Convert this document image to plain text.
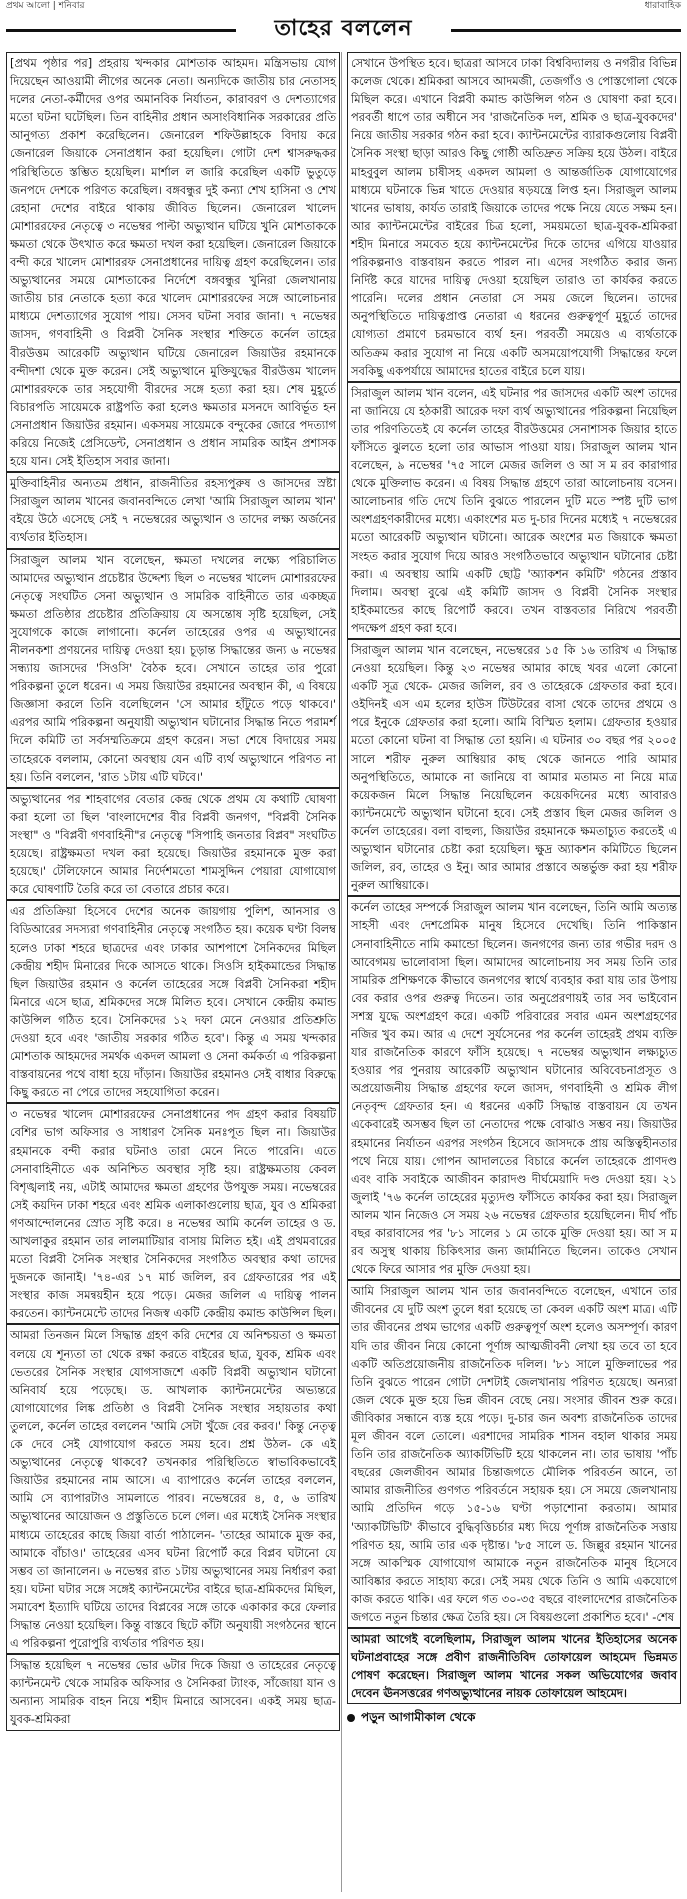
প্রথম আলো | শনিবার	ধারাবাহিক
তাহের বললেন

[প্রথম পৃষ্ঠার পর] প্রহরায় খন্দকার মোশতাক আহমদ। মন্ত্রিসভায় যোগ দিয়েছেন আওয়ামী লীগের অনেক নেতা। অন্যদিকে জাতীয় চার নেতাসহ দলের নেতা-কর্মীদের ওপর অমানবিক নির্যাতন, কারাবরণ ও দেশত্যাগের মতো ঘটনা ঘটেছিল। তিন বাহিনীর প্রধান অসাংবিধানিক সরকারের প্রতি আনুগত্য প্রকাশ করেছিলেন। জেনারেল শফিউল্লাহকে বিদায় করে জেনারেল জিয়াকে সেনাপ্রধান করা হয়েছিল। গোটা দেশ শ্বাসরুদ্ধকর পরিস্থিতিতে স্তম্ভিত হয়েছিল। মার্শাল ল জারি করেছিল একটি ভুতুড়ে জনপদে দেশকে পরিণত করেছিল। বঙ্গবন্ধুর দুই কন্যা শেখ হাসিনা ও শেখ রেহানা দেশের বাইরে থাকায় জীবিত ছিলেন। জেনারেল খালেদ মোশাররফের নেতৃত্বে ৩ নভেম্বর পাল্টা অভ্যুত্থান ঘটিয়ে খুনি মোশতাককে ক্ষমতা থেকে উৎখাত করে ক্ষমতা দখল করা হয়েছিল। জেনারেল জিয়াকে বন্দী করে খালেদ মোশাররফ সেনাপ্রধানের দায়িত্ব গ্রহণ করেছিলেন। তার অভ্যুত্থানের সময়ে মোশতাকের নির্দেশে বঙ্গবন্ধুর খুনিরা জেলখানায় জাতীয় চার নেতাকে হত্যা করে খালেদ মোশাররফের সঙ্গে আলোচনার মাধ্যমে দেশত্যাগের সুযোগ পায়। সেসব ঘটনা সবার জানা। ৭ নভেম্বর জাসদ, গণবাহিনী ও বিপ্লবী সৈনিক সংস্থার শক্তিতে কর্নেল তাহের বীরউত্তম আরেকটি অভ্যুত্থান ঘটিয়ে জেনারেল জিয়াউর রহমানকে বন্দীদশা থেকে মুক্ত করেন। সেই অভ্যুত্থানে মুক্তিযুদ্ধের বীরউত্তম খালেদ মোশাররফকে তার সহযোগী বীরদের সঙ্গে হত্যা করা হয়। শেষ মুহূর্তে বিচারপতি সায়েমকে রাষ্ট্রপতি করা হলেও ক্ষমতার মসনদে আবির্ভূত হন সেনাপ্রধান জিয়াউর রহমান। একসময় সায়েমকে বন্দুকের জোরে পদত্যাগ করিয়ে নিজেই প্রেসিডেন্ট, সেনাপ্রধান ও প্রধান সামরিক আইন প্রশাসক হয়ে যান। সেই ইতিহাস সবার জানা।

মুক্তিবাহিনীর অন্যতম প্রধান, রাজনীতির রহস্যপুরুষ ও জাসদের স্রষ্টা সিরাজুল আলম খানের জবানবন্দিতে লেখা 'আমি সিরাজুল আলম খান' বইয়ে উঠে এসেছে সেই ৭ নভেম্বরের অভ্যুত্থান ও তাদের লক্ষ্য অর্জনের ব্যর্থতার ইতিহাস।

সিরাজুল আলম খান বলেছেন, ক্ষমতা দখলের লক্ষ্যে পরিচালিত আমাদের অভ্যুত্থান প্রচেষ্টার উদ্দেশ্য ছিল ৩ নভেম্বর খালেদ মোশাররফের নেতৃত্বে সংঘটিত সেনা অভ্যুত্থান ও সামরিক বাহিনীতে তার একচ্ছত্র ক্ষমতা প্রতিষ্ঠার প্রচেষ্টার প্রতিক্রিয়ায় যে অসন্তোষ সৃষ্টি হয়েছিল, সেই সুযোগকে কাজে লাগানো। কর্নেল তাহেরের ওপর এ অভ্যুত্থানের নীলনকশা প্রণয়নের দায়িত্ব দেওয়া হয়। চূড়ান্ত সিদ্ধান্তের জন্য ৬ নভেম্বর সন্ধ্যায় জাসদের 'সিওসি' বৈঠক হবে। সেখানে তাহের তার পুরো পরিকল্পনা তুলে ধরেন। এ সময় জিয়াউর রহমানের অবস্থান কী, এ বিষয়ে জিজ্ঞাসা করলে তিনি বলেছিলেন 'সে আমার হাঁটুতে পড়ে থাকবে।' এরপর আমি পরিকল্পনা অনুযায়ী অভ্যুত্থান ঘটানোর সিদ্ধান্ত নিতে পরামর্শ দিলে কমিটি তা সর্বসম্মতিক্রমে গ্রহণ করেন। সভা শেষে বিদায়ের সময় তাহেরকে বললাম, কোনো অবস্থায় যেন এটি ব্যর্থ অভ্যুত্থানে পরিণত না হয়। তিনি বললেন, 'রাত ১টায় এটি ঘটবে।'

অভ্যুত্থানের পর শাহবাগের বেতার কেন্দ্র থেকে প্রথম যে কথাটি ঘোষণা করা হলো তা ছিল 'বাংলাদেশের বীর বিপ্লবী জনগণ, "বিপ্লবী সৈনিক সংস্থা" ও "বিপ্লবী গণবাহিনী"র নেতৃত্বে "সিপাহি জনতার বিপ্লব" সংঘটিত হয়েছে। রাষ্ট্রক্ষমতা দখল করা হয়েছে। জিয়াউর রহমানকে মুক্ত করা হয়েছে।' টেলিফোনে আমার নির্দেশমতো শামসুদ্দিন পেয়ারা যোগাযোগ করে ঘোষণাটি তৈরি করে তা বেতারে প্রচার করে।

এর প্রতিক্রিয়া হিসেবে দেশের অনেক জায়গায় পুলিশ, আনসার ও বিডিআরের সদস্যরা গণবাহিনীর নেতৃত্বে সংগঠিত হয়। কয়েক ঘণ্টা বিলম্ব হলেও ঢাকা শহরে ছাত্রদের এবং ঢাকার আশপাশে সৈনিকদের মিছিল কেন্দ্রীয় শহীদ মিনারের দিকে আসতে থাকে। সিওসি হাইকমান্ডের সিদ্ধান্ত ছিল জিয়াউর রহমান ও কর্নেল তাহেরের সঙ্গে বিপ্লবী সৈনিকরা শহীদ মিনারে এসে ছাত্র, শ্রমিকদের সঙ্গে মিলিত হবে। সেখানে কেন্দ্রীয় কমান্ড কাউন্সিল গঠিত হবে। সৈনিকদের ১২ দফা মেনে নেওয়ার প্রতিশ্রুতি দেওয়া হবে এবং 'জাতীয় সরকার গঠিত হবে'। কিন্তু এ সময় খন্দকার মোশতাক আহমদের সমর্থক একদল আমলা ও সেনা কর্মকর্তা এ পরিকল্পনা বাস্তবায়নের পথে বাধা হয়ে দাঁড়ান। জিয়াউর রহমানও সেই বাধার বিরুদ্ধে কিছু করতে না পেরে তাদের সহযোগিতা করেন।

৩ নভেম্বর খালেদ মোশাররফের সেনাপ্রধানের পদ গ্রহণ করার বিষয়টি বেশির ভাগ অফিসার ও সাধারণ সৈনিক মনঃপূত ছিল না। জিয়াউর রহমানকে বন্দী করার ঘটনাও তারা মেনে নিতে পারেনি। এতে সেনাবাহিনীতে এক অনিশ্চিত অবস্থার সৃষ্টি হয়। রাষ্ট্রক্ষমতায় কেবল বিশৃঙ্খলাই নয়, এটাই আমাদের ক্ষমতা গ্রহণের উপযুক্ত সময়। নভেম্বরের সেই কয়দিন ঢাকা শহরে এবং শ্রমিক এলাকাগুলোয় ছাত্র, যুব ও শ্রমিকরা গণআন্দোলনের স্রোত সৃষ্টি করে। ৪ নভেম্বর আমি কর্নেল তাহের ও ড. আখলাকুর রহমান তার লালমাটিয়ার বাসায় মিলিত হই। এই প্রথমবারের মতো বিপ্লবী সৈনিক সংস্থার সৈনিকদের সংগঠিত অবস্থার কথা তাদের দুজনকে জানাই। '৭৪-এর ১৭ মার্চ জলিল, রব গ্রেফতারের পর এই সংস্থার কাজ সমন্বয়হীন হয়ে পড়ে। মেজর জলিল এ দায়িত্ব পালন করতেন। ক্যান্টনমেন্টে তাদের নিজস্ব একটি কেন্দ্রীয় কমান্ড কাউন্সিল ছিল।

আমরা তিনজন মিলে সিদ্ধান্ত গ্রহণ করি দেশের যে অনিশ্চয়তা ও ক্ষমতা বলয়ে যে শূন্যতা তা থেকে রক্ষা করতে বাইরের ছাত্র, যুবক, শ্রমিক এবং ভেতরের সৈনিক সংস্থার যোগসাজশে একটি বিপ্লবী অভ্যুত্থান ঘটানো অনিবার্য হয়ে পড়েছে। ড. আখলাক ক্যান্টনমেন্টের অভ্যন্তরে যোগাযোগের লিঙ্ক প্রতিষ্ঠা ও বিপ্লবী সৈনিক সংস্থার সহায়তার কথা তুললে, কর্নেল তাহের বললেন 'আমি সেটা খুঁজে বের করব।' কিন্তু নেতৃত্ব কে দেবে সেই যোগাযোগ করতে সময় হবে। প্রশ্ন উঠল- কে এই অভ্যুত্থানের নেতৃত্বে থাকবে? তখনকার পরিস্থিতিতে স্বাভাবিকভাবেই জিয়াউর রহমানের নাম আসে। এ ব্যাপারেও কর্নেল তাহের বললেন, আমি সে ব্যাপারটাও সামলাতে পারব। নভেম্বরের ৪, ৫, ৬ তারিখ অভ্যুত্থানের আয়োজন ও প্রস্তুতিতে চলে গেল। এর মধ্যেই সৈনিক সংস্থার মাধ্যমে তাহেরের কাছে জিয়া বার্তা পাঠালেন- 'তাহের আমাকে মুক্ত কর, আমাকে বাঁচাও।' তাহেরের এসব ঘটনা রিপোর্ট করে বিপ্লব ঘটানো যে সম্ভব তা জানালেন। ৬ নভেম্বর রাত ১টায় অভ্যুত্থানের সময় নির্ধারণ করা হয়। ঘটনা ঘটার সঙ্গে সঙ্গেই ক্যান্টনমেন্টের বাইরে ছাত্র-শ্রমিকদের মিছিল, সমাবেশ ইত্যাদি ঘটিয়ে তাদের বিপ্লবের সঙ্গে তাকে একাকার করে ফেলার সিদ্ধান্ত নেওয়া হয়েছিল। কিন্তু বাস্তবে ছিটে কাঁটা অনুযায়ী সংগঠনের স্থানে এ পরিকল্পনা পুরোপুরি ব্যর্থতার পরিণত হয়।

সিদ্ধান্ত হয়েছিল ৭ নভেম্বর ভোর ৬টার দিকে জিয়া ও তাহেরের নেতৃত্বে ক্যান্টনমেন্ট থেকে সামরিক অফিসার ও সৈনিকরা ট্যাংক, সাঁজোয়া যান ও অন্যান্য সামরিক বাহন নিয়ে শহীদ মিনারে আসবেন। একই সময় ছাত্র-যুবক-শ্রমিকরা

সেখানে উপস্থিত হবে। ছাত্ররা আসবে ঢাকা বিশ্ববিদ্যালয় ও নগরীর বিভিন্ন কলেজ থেকে। শ্রমিকরা আসবে আদমজী, তেজগাঁও ও পোস্তগোলা থেকে মিছিল করে। এখানে বিপ্লবী কমান্ড কাউন্সিল গঠন ও ঘোষণা করা হবে। পরবর্তী ধাপে তার অধীনে সব 'রাজনৈতিক দল, শ্রমিক ও ছাত্র-যুবকদের' নিয়ে জাতীয় সরকার গঠন করা হবে। ক্যান্টনমেন্টের ব্যারাকগুলোয় বিপ্লবী সৈনিক সংস্থা ছাড়া আরও কিছু গোষ্ঠী অতিদ্রুত সক্রিয় হয়ে উঠল। বাইরে মাহবুবুল আলম চাষীসহ একদল আমলা ও আন্তর্জাতিক যোগাযোগের মাধ্যমে ঘটনাকে ভিন্ন খাতে দেওয়ার ষড়যন্ত্রে লিপ্ত হন। সিরাজুল আলম খানের ভাষায়, কার্যত তারাই জিয়াকে তাদের পক্ষে নিয়ে যেতে সক্ষম হন। আর ক্যান্টনমেন্টের বাইরের চিত্র হলো, সময়মতো ছাত্র-যুবক-শ্রমিকরা শহীদ মিনারে সমবেত হয়ে ক্যান্টনমেন্টের দিকে তাদের এগিয়ে যাওয়ার পরিকল্পনাও বাস্তবায়ন করতে পারল না। এদের সংগঠিত করার জন্য নির্দিষ্ট করে যাদের দায়িত্ব দেওয়া হয়েছিল তারাও তা কার্যকর করতে পারেনি। দলের প্রধান নেতারা সে সময় জেলে ছিলেন। তাদের অনুপস্থিতিতে দায়িত্বপ্রাপ্ত নেতারা এ ধরনের গুরুত্বপূর্ণ মুহূর্তে তাদের যোগ্যতা প্রমাণে চরমভাবে ব্যর্থ হন। পরবর্তী সময়েও এ ব্যর্থতাকে অতিক্রম করার সুযোগ না নিয়ে একটি অসময়োপযোগী সিদ্ধান্তের ফলে সবকিছু একপর্যায়ে আমাদের হাতের বাইরে চলে যায়।

সিরাজুল আলম খান বলেন, এই ঘটনার পর জাসদের একটি অংশ তাদের না জানিয়ে যে হঠকারী আরেক দফা ব্যর্থ অভ্যুত্থানের পরিকল্পনা নিয়েছিল তার পরিণতিতেই যে কর্নেল তাহের বীরউত্তমের সেনাশাসক জিয়ার হাতে ফাঁসিতে ঝুলতে হলো তার আভাস পাওয়া যায়। সিরাজুল আলম খান বলেছেন, ৯ নভেম্বর '৭৫ সালে মেজর জলিল ও আ স ম রব কারাগার থেকে মুক্তিলাভ করেন। এ বিষয় সিদ্ধান্ত গ্রহণে তারা আলোচনায় বসেন। আলোচনার গতি দেখে তিনি বুঝতে পারলেন দুটি মতে স্পষ্ট দুটি ভাগ অংশগ্রহণকারীদের মধ্যে। একাংশের মত দু-চার দিনের মধ্যেই ৭ নভেম্বরের মতো আরেকটি অভ্যুত্থান ঘটানো। আরেক অংশের মত জিয়াকে ক্ষমতা সংহত করার সুযোগ দিয়ে আরও সংগঠিতভাবে অভ্যুত্থান ঘটানোর চেষ্টা করা। এ অবস্থায় আমি একটি ছোট্ট 'অ্যাকশন কমিটি' গঠনের প্রস্তাব দিলাম। অবস্থা বুঝে এই কমিটি জাসদ ও বিপ্লবী সৈনিক সংস্থার হাইকমান্ডের কাছে রিপোর্ট করবে। তখন বাস্তবতার নিরিখে পরবর্তী পদক্ষেপ গ্রহণ করা হবে।

সিরাজুল আলম খান বলেছেন, নভেম্বরের ১৫ কি ১৬ তারিখ এ সিদ্ধান্ত নেওয়া হয়েছিল। কিন্তু ২৩ নভেম্বর আমার কাছে খবর এলো কোনো একটি সূত্র থেকে- মেজর জলিল, রব ও তাহেরকে গ্রেফতার করা হবে। ওইদিনই এস এম হলের হাউস টিউটরের বাসা থেকে তাদের প্রথমে ও পরে ইনুকে গ্রেফতার করা হলো। আমি বিস্মিত হলাম। গ্রেফতার হওয়ার মতো কোনো ঘটনা বা সিদ্ধান্ত তো হয়নি। এ ঘটনার ৩০ বছর পর ২০০৫ সালে শরীফ নুরুল আম্বিয়ার কাছ থেকে জানতে পারি আমার অনুপস্থিতিতে, আমাকে না জানিয়ে বা আমার মতামত না নিয়ে মাত্র কয়েকজন মিলে সিদ্ধান্ত নিয়েছিলেন কয়েকদিনের মধ্যে আবারও ক্যান্টনমেন্টে অভ্যুত্থান ঘটানো হবে। সেই প্রস্তাব ছিল মেজর জলিল ও কর্নেল তাহেরের। বলা বাহুল্য, জিয়াউর রহমানকে ক্ষমতাচ্যুত করতেই এ অভ্যুত্থান ঘটানোর চেষ্টা করা হয়েছিল। ক্ষুদ্র অ্যাকশন কমিটিতে ছিলেন জলিল, রব, তাহের ও ইনু। আর আমার প্রস্তাবে অন্তর্ভুক্ত করা হয় শরীফ নুরুল আম্বিয়াকে।

কর্নেল তাহের সম্পর্কে সিরাজুল আলম খান বলেছেন, তিনি আমি অত্যন্ত সাহসী এবং দেশপ্রেমিক মানুষ হিসেবে দেখেছি। তিনি পাকিস্তান সেনাবাহিনীতে নামি কমান্ডো ছিলেন। জনগণের জন্য তার গভীর দরদ ও আবেগময় ভালোবাসা ছিল। আমাদের আলোচনায় সব সময় তিনি তার সামরিক প্রশিক্ষণকে কীভাবে জনগণের স্বার্থে ব্যবহার করা যায় তার উপায় বের করার ওপর গুরুত্ব দিতেন। তার অনুপ্রেরণায়ই তার সব ভাইবোন সশস্ত্র যুদ্ধে অংশগ্রহণ করে। একটি পরিবারের সবার এমন অংশগ্রহণের নজির খুব কম। আর এ দেশে সুর্যসেনের পর কর্নেল তাহেরই প্রথম ব্যক্তি যার রাজনৈতিক কারণে ফাঁসি হয়েছে। ৭ নভেম্বর অভ্যুত্থান লক্ষ্যচ্যুত হওয়ার পর পুনরায় আরেকটি অভ্যুত্থান ঘটানোর অবিবেচনাপ্রসূত ও অপ্রয়োজনীয় সিদ্ধান্ত গ্রহণের ফলে জাসদ, গণবাহিনী ও শ্রমিক লীগ নেতৃবৃন্দ গ্রেফতার হন। এ ধরনের একটি সিদ্ধান্ত বাস্তবায়ন যে তখন একেবারেই অসম্ভব ছিল তা নেতাদের পক্ষে বোঝাও সম্ভব নয়। জিয়াউর রহমানের নির্যাতন এরপর সংগঠন হিসেবে জাসদকে প্রায় অস্তিত্বহীনতার পথে নিয়ে যায়। গোপন আদালতের বিচারে কর্নেল তাহেরকে প্রাণদণ্ড এবং বাকি সবাইকে আজীবন কারাদণ্ড দীর্ঘমেয়াদি দণ্ড দেওয়া হয়। ২১ জুলাই '৭৬ কর্নেল তাহেরের মৃত্যুদণ্ড ফাঁসিতে কার্যকর করা হয়। সিরাজুল আলম খান নিজেও সে সময় ২৬ নভেম্বর গ্রেফতার হয়েছিলেন। দীর্ঘ পাঁচ বছর কারাবাসের পর '৮১ সালের ১ মে তাকে মুক্তি দেওয়া হয়। আ স ম রব অসুস্থ থাকায় চিকিৎসার জন্য জার্মানিতে ছিলেন। তাকেও সেখান থেকে ফিরে আসার পর মুক্তি দেওয়া হয়।

আমি সিরাজুল আলম খান তার জবানবন্দিতে বলেছেন, এখানে তার জীবনের যে দুটি অংশ তুলে ধরা হয়েছে তা কেবল একটি অংশ মাত্র। এটি তার জীবনের প্রথম ভাগের একটি গুরুত্বপূর্ণ অংশ হলেও অসম্পূর্ণ। কারণ যদি তার জীবন নিয়ে কোনো পূর্ণাঙ্গ আত্মজীবনী লেখা হয় তবে তা হবে একটি অতিপ্রয়োজনীয় রাজনৈতিক দলিল। '৮১ সালে মুক্তিলাভের পর তিনি বুঝতে পারেন গোটা দেশটাই জেলখানায় পরিণত হয়েছে। অন্যরা জেল থেকে মুক্ত হয়ে ভিন্ন জীবন বেছে নেয়। সংসার জীবন শুরু করে। জীবিকার সন্ধানে ব্যস্ত হয়ে পড়ে। দু-চার জন অবশ্য রাজনৈতিক তাদের মূল জীবন বলে তোলে। এরশাদের সামরিক শাসন বহাল থাকার সময় তিনি তার রাজনৈতিক অ্যাকটিভিটি হয়ে থাকলেন না। তার ভাষায় 'পাঁচ বছরের জেলজীবন আমার চিন্তাজগতে মৌলিক পরিবর্তন আনে, তা আমার রাজনীতির গুণগত পরিবর্তনে সহায়ক হয়। সে সময়ে জেলখানায় আমি প্রতিদিন গড়ে ১৫-১৬ ঘণ্টা পড়াশোনা করতাম। আমার 'অ্যাকটিভিটি' কীভাবে বুদ্ধিবৃত্তিচর্চার মধ্য দিয়ে পূর্ণাঙ্গ রাজনৈতিক সত্তায় পরিণত হয়, আমি তার এক দৃষ্টান্ত। '৮৫ সালে ড. জিল্লুর রহমান খানের সঙ্গে আকস্মিক যোগাযোগ আমাকে নতুন রাজনৈতিক মানুষ হিসেবে আবিষ্কার করতে সাহায্য করে। সেই সময় থেকে তিনি ও আমি একযোগে কাজ করতে থাকি। এর ফলে গত ৩০-৩৫ বছরে বাংলাদেশের রাজনৈতিক জগতে নতুন চিন্তার ক্ষেত্র তৈরি হয়। সে বিষয়গুলো প্রকাশিত হবে।' -শেষ

আমরা আগেই বলেছিলাম, সিরাজুল আলম খানের ইতিহাসের অনেক ঘটনাপ্রবাহের সঙ্গে প্রবীণ রাজনীতিবিদ তোফায়েল আহমেদ ভিন্নমত পোষণ করেছেন। সিরাজুল আলম খানের সকল অভিযোগের জবাব দেবেন ঊনসত্তরের গণঅভ্যুত্থানের নায়ক তোফায়েল আহমেদ।

পড়ুন আগামীকাল থেকে
